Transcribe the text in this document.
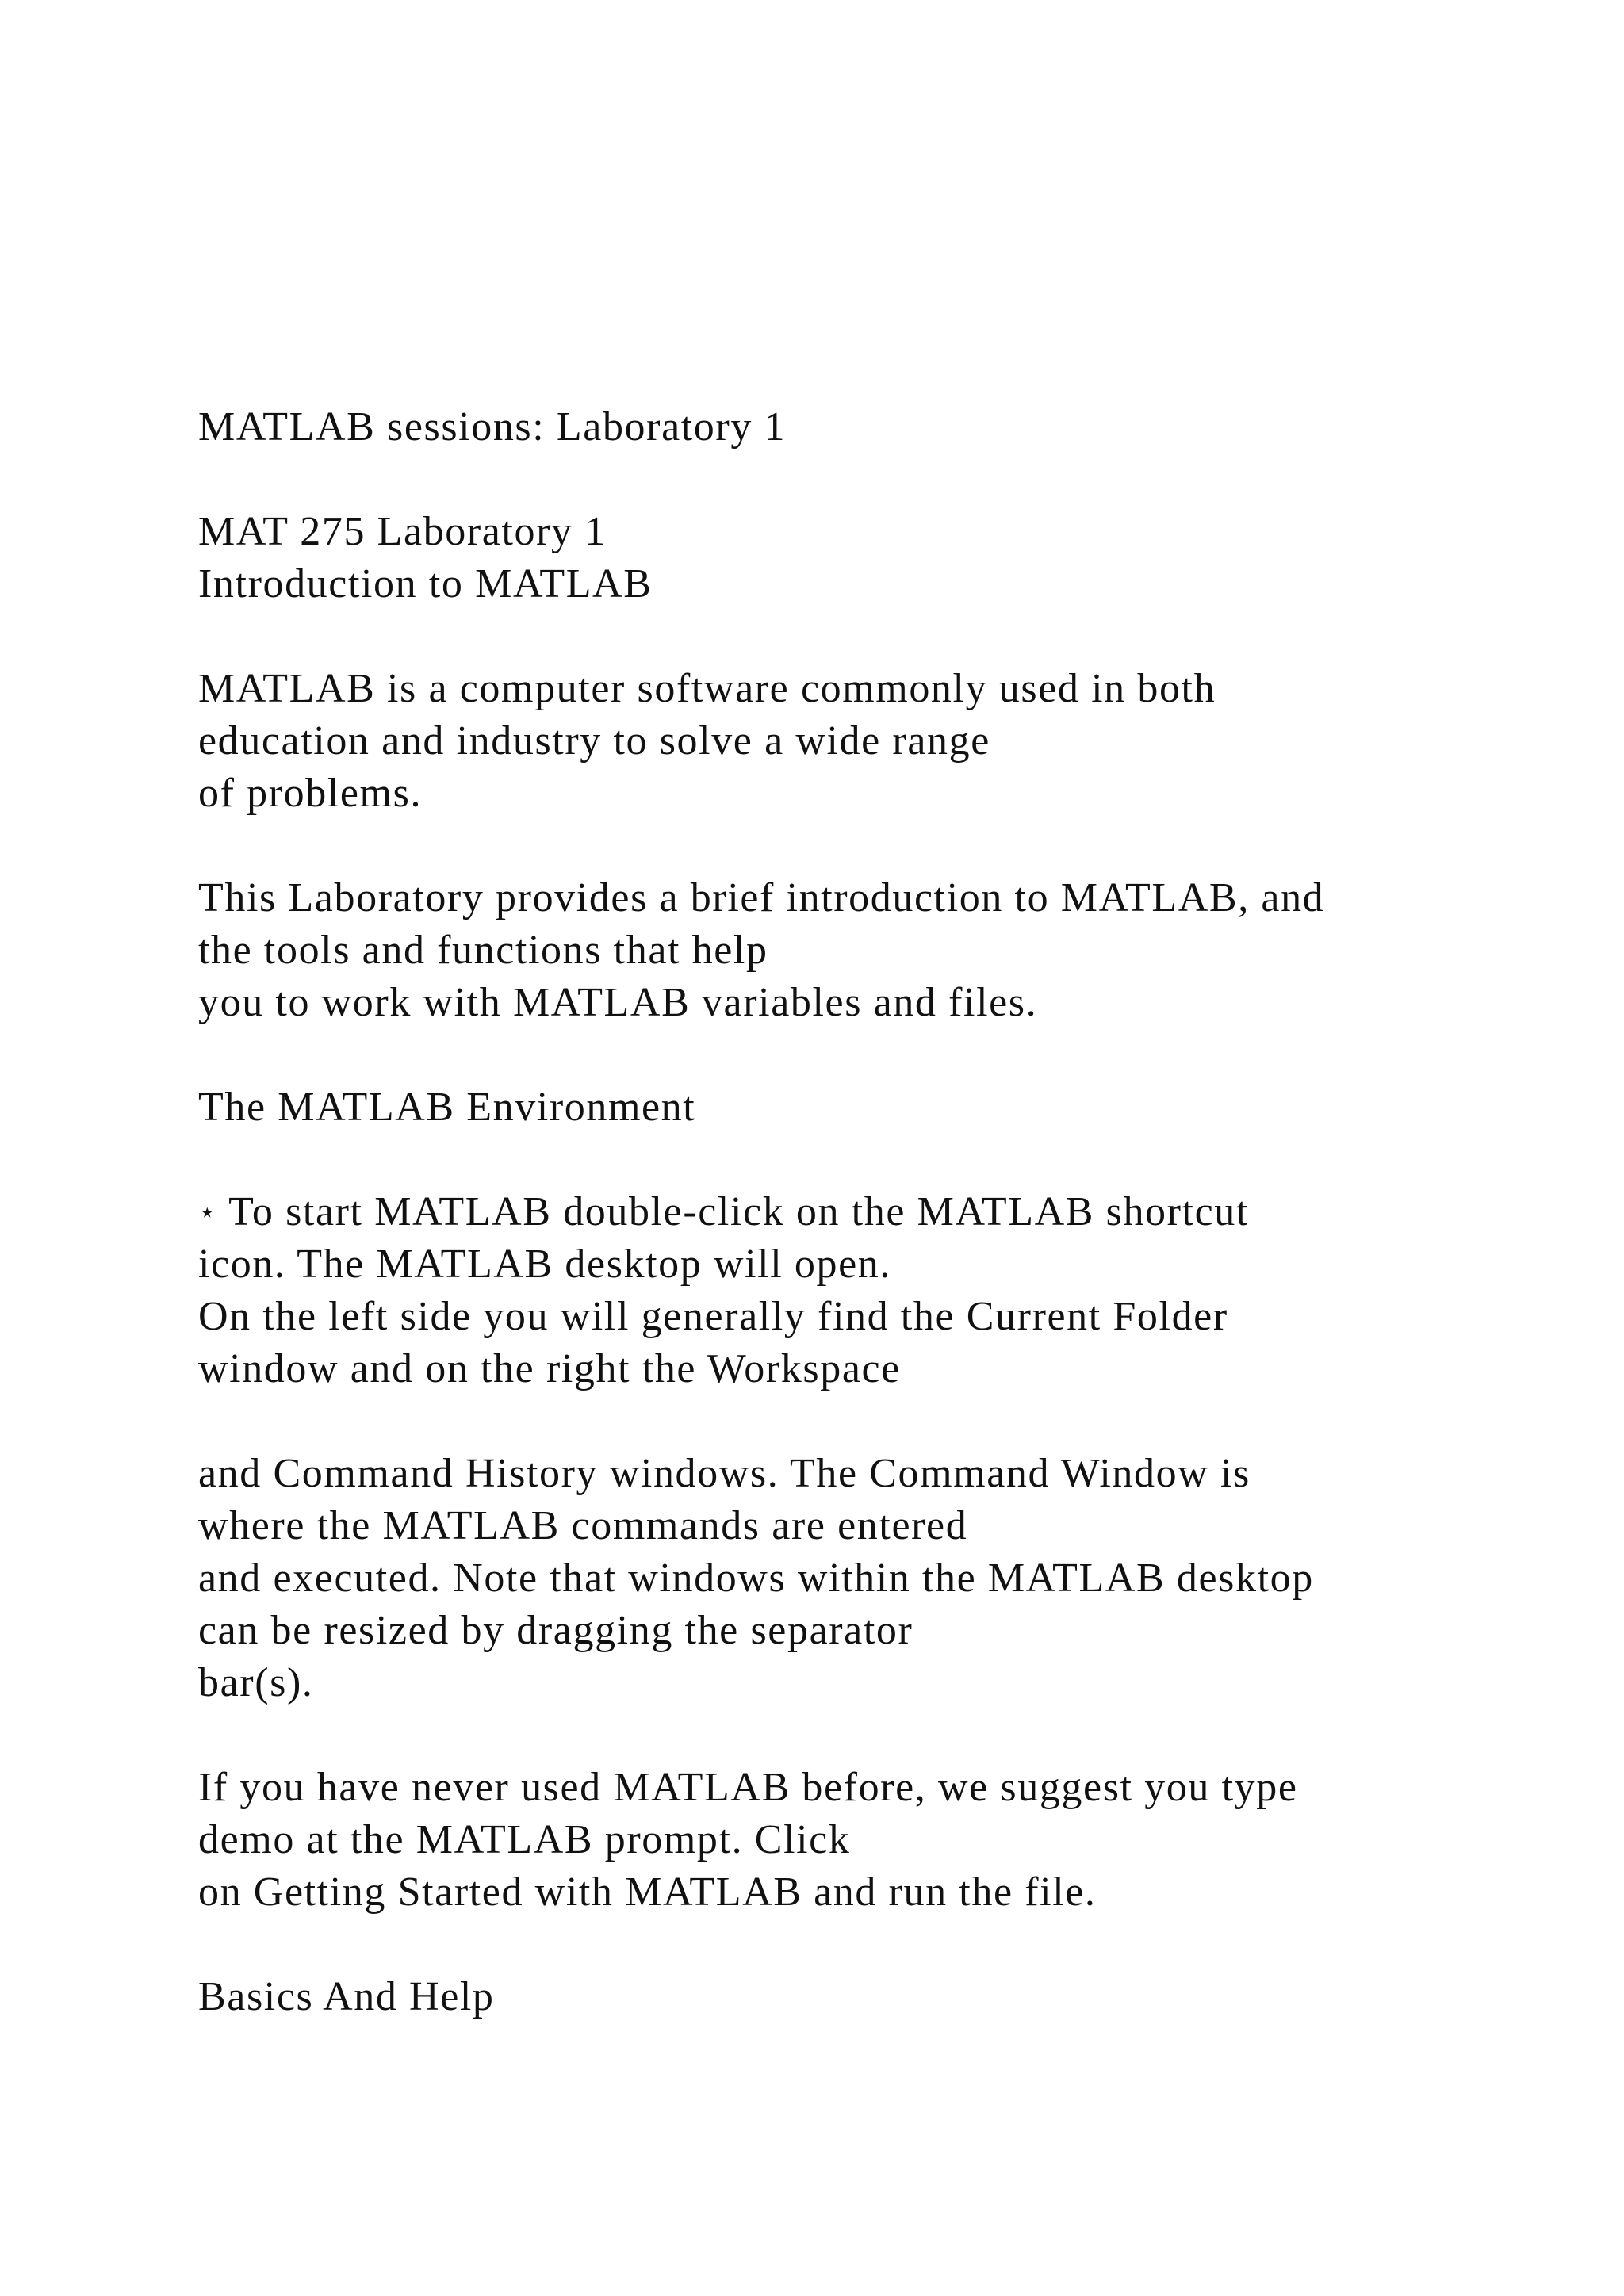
MATLAB sessions: Laboratory 1

MAT 275 Laboratory 1
Introduction to MATLAB

MATLAB is a computer software commonly used in both
education and industry to solve a wide range
of problems.

This Laboratory provides a brief introduction to MATLAB, and
the tools and functions that help
you to work with MATLAB variables and files.

The MATLAB Environment

⋆ To start MATLAB double-click on the MATLAB shortcut
icon. The MATLAB desktop will open.
On the left side you will generally find the Current Folder
window and on the right the Workspace

and Command History windows. The Command Window is
where the MATLAB commands are entered
and executed. Note that windows within the MATLAB desktop
can be resized by dragging the separator
bar(s).

If you have never used MATLAB before, we suggest you type
demo at the MATLAB prompt. Click
on Getting Started with MATLAB and run the file.

Basics And Help
